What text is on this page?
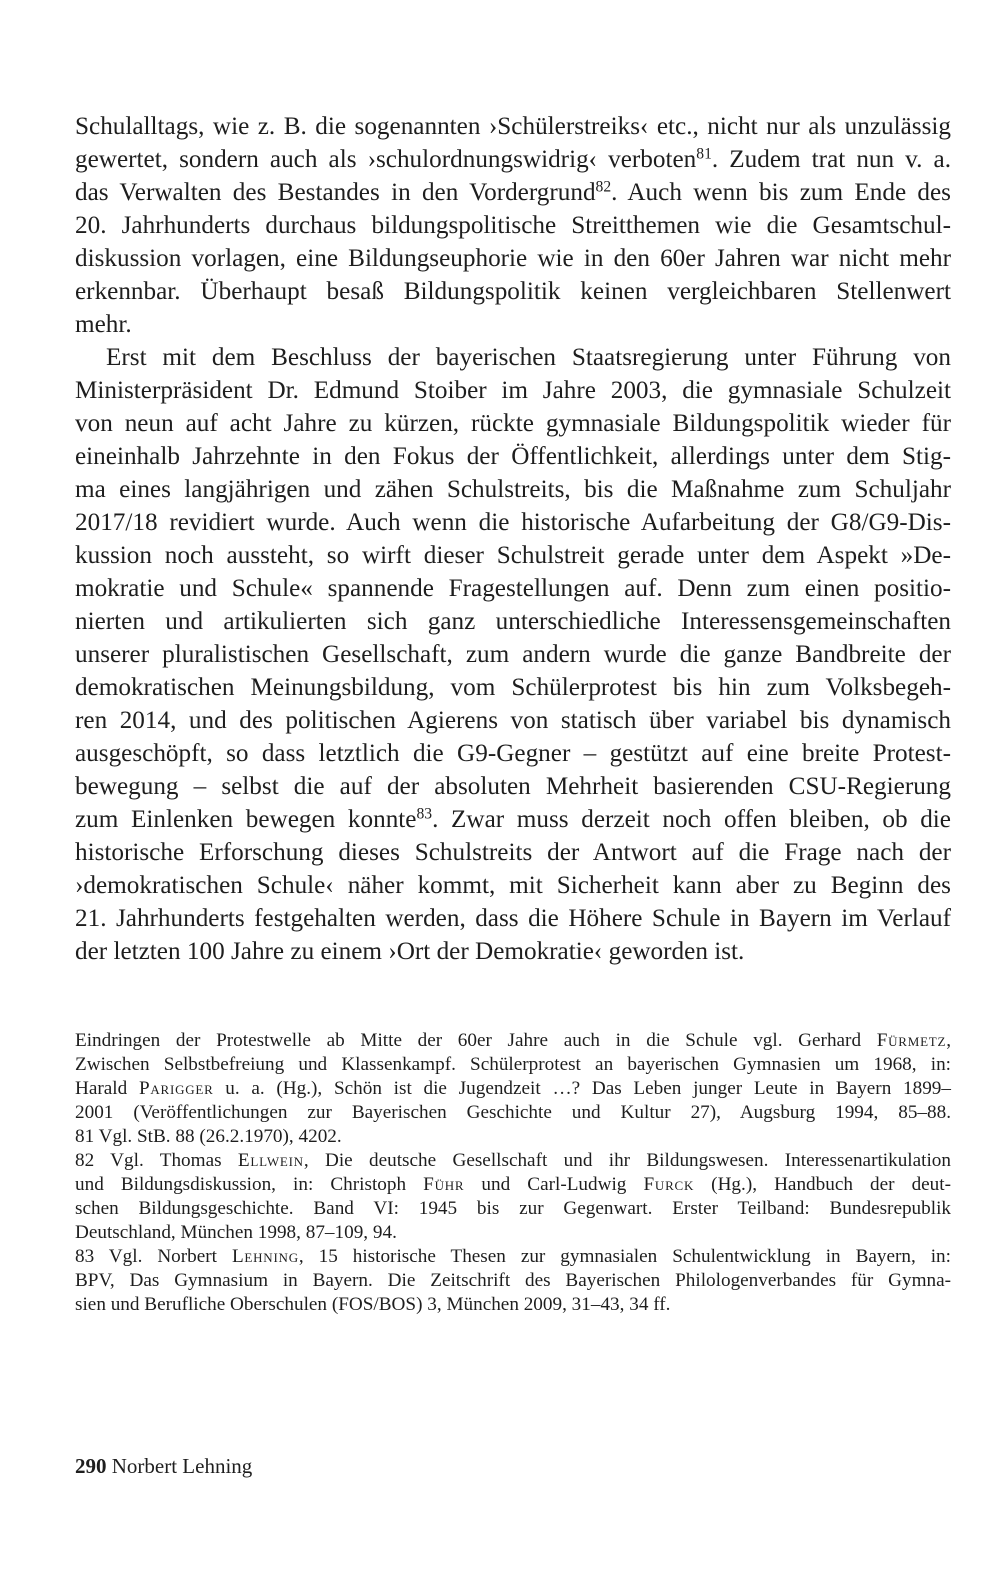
Schulalltags, wie z. B. die sogenannten ›Schülerstreiks‹ etc., nicht nur als unzulässig
gewertet, sondern auch als ›schulordnungswidrig‹ verboten$^{81}$. Zudem trat nun v. a.
das Verwalten des Bestandes in den Vordergrund$^{82}$. Auch wenn bis zum Ende des
20. Jahrhunderts durchaus bildungspolitische Streitthemen wie die Gesamtschul-
diskussion vorlagen, eine Bildungseuphorie wie in den 60er Jahren war nicht mehr
erkennbar. Überhaupt besaß Bildungspolitik keinen vergleichbaren Stellenwert
mehr.
Erst mit dem Beschluss der bayerischen Staatsregierung unter Führung von
Ministerpräsident Dr. Edmund Stoiber im Jahre 2003, die gymnasiale Schulzeit
von neun auf acht Jahre zu kürzen, rückte gymnasiale Bildungspolitik wieder für
eineinhalb Jahrzehnte in den Fokus der Öffentlichkeit, allerdings unter dem Stig-
ma eines langjährigen und zähen Schulstreits, bis die Maßnahme zum Schuljahr
2017/18 revidiert wurde. Auch wenn die historische Aufarbeitung der G8/G9-Dis-
kussion noch aussteht, so wirft dieser Schulstreit gerade unter dem Aspekt »De-
mokratie und Schule« spannende Fragestellungen auf. Denn zum einen positio-
nierten und artikulierten sich ganz unterschiedliche Interessensgemeinschaften
unserer pluralistischen Gesellschaft, zum andern wurde die ganze Bandbreite der
demokratischen Meinungsbildung, vom Schülerprotest bis hin zum Volksbegeh-
ren 2014, und des politischen Agierens von statisch über variabel bis dynamisch
ausgeschöpft, so dass letztlich die G9-Gegner – gestützt auf eine breite Protest-
bewegung – selbst die auf der absoluten Mehrheit basierenden CSU-Regierung
zum Einlenken bewegen konnte$^{83}$. Zwar muss derzeit noch offen bleiben, ob die
historische Erforschung dieses Schulstreits der Antwort auf die Frage nach der
›demokratischen Schule‹ näher kommt, mit Sicherheit kann aber zu Beginn des
21. Jahrhunderts festgehalten werden, dass die Höhere Schule in Bayern im Verlauf
der letzten 100 Jahre zu einem ›Ort der Demokratie‹ geworden ist.
Eindringen der Protestwelle ab Mitte der 60er Jahre auch in die Schule vgl. Gerhard Fürmetz,
Zwischen Selbstbefreiung und Klassenkampf. Schülerprotest an bayerischen Gymnasien um 1968, in:
Harald Parigger u. a. (Hg.), Schön ist die Jugendzeit …? Das Leben junger Leute in Bayern 1899–
2001 (Veröffentlichungen zur Bayerischen Geschichte und Kultur 27), Augsburg 1994, 85–88.
81 Vgl. StB. 88 (26.2.1970), 4202.
82 Vgl. Thomas Ellwein, Die deutsche Gesellschaft und ihr Bildungswesen. Interessenartikulation
und Bildungsdiskussion, in: Christoph Führ und Carl-Ludwig Furck (Hg.), Handbuch der deut-
schen Bildungsgeschichte. Band VI: 1945 bis zur Gegenwart. Erster Teilband: Bundesrepublik
Deutschland, München 1998, 87–109, 94.
83 Vgl. Norbert Lehning, 15 historische Thesen zur gymnasialen Schulentwicklung in Bayern, in:
BPV, Das Gymnasium in Bayern. Die Zeitschrift des Bayerischen Philologenverbandes für Gymna-
sien und Berufliche Oberschulen (FOS/BOS) 3, München 2009, 31–43, 34 ff.
290 Norbert Lehning
